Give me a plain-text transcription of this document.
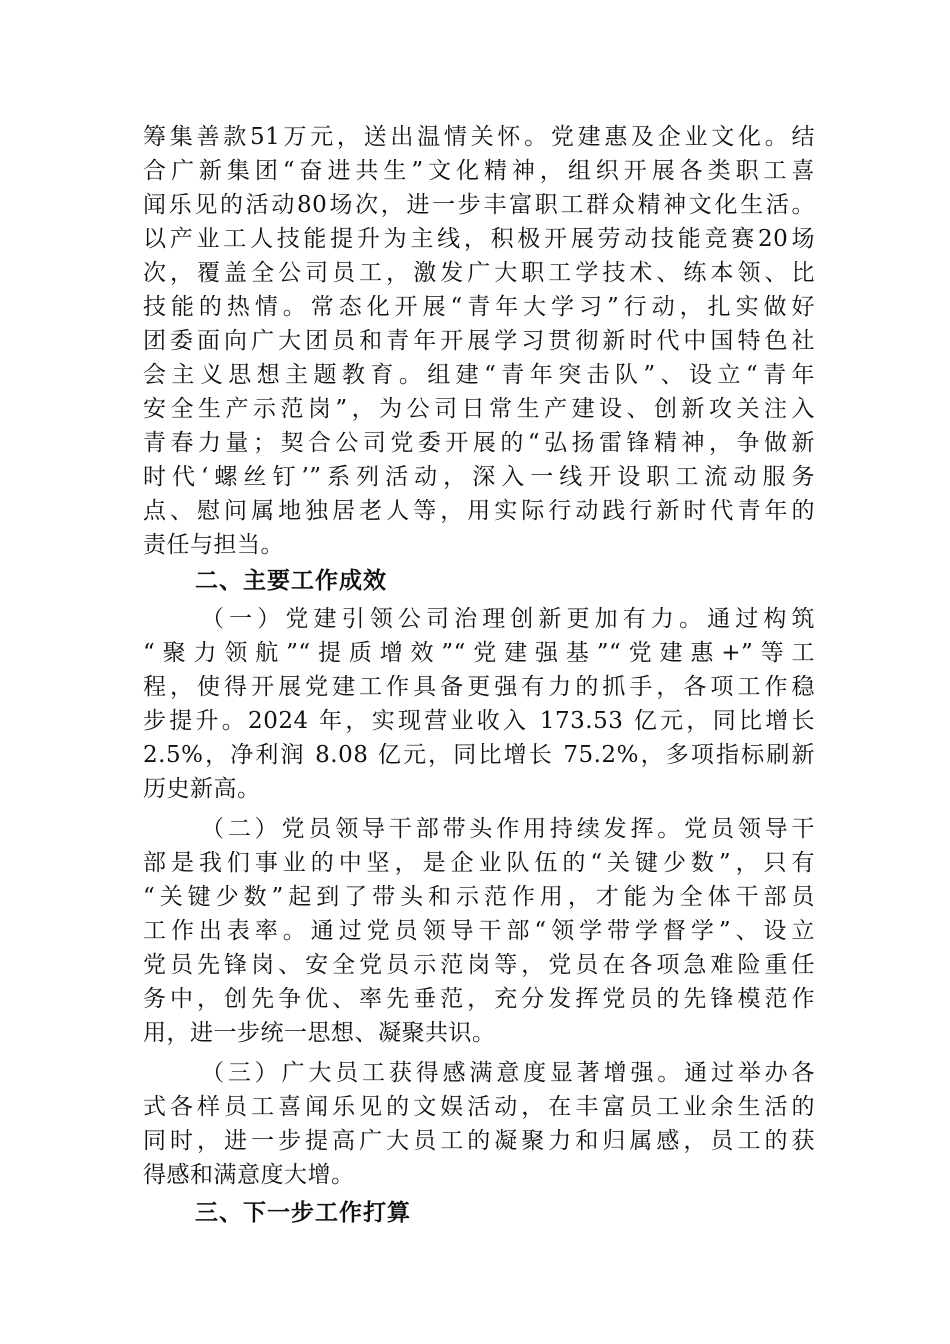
筹集善款51万元，送出温情关怀。党建惠及企业文化。结
合广新集团“奋进共生”文化精神，组织开展各类职工喜
闻乐见的活动80场次，进一步丰富职工群众精神文化生活。
以产业工人技能提升为主线，积极开展劳动技能竞赛20场
次，覆盖全公司员工，激发广大职工学技术、练本领、比
技能的热情。常态化开展“青年大学习”行动，扎实做好
团委面向广大团员和青年开展学习贯彻新时代中国特色社
会主义思想主题教育。组建“青年突击队”、设立“青年
安全生产示范岗”，为公司日常生产建设、创新攻关注入
青春力量；契合公司党委开展的“弘扬雷锋精神，争做新
时代‘螺丝钉’”系列活动，深入一线开设职工流动服务
点、慰问属地独居老人等，用实际行动践行新时代青年的
责任与担当。
二、主要工作成效
（一）党建引领公司治理创新更加有力。通过构筑
“聚力领航”“提质增效”“党建强基”“党建惠+”等工
程，使得开展党建工作具备更强有力的抓手，各项工作稳
步提升。2024 年，实现营业收入 173.53 亿元，同比增长
2.5%，净利润 8.08 亿元，同比增长 75.2%，多项指标刷新
历史新高。
（二）党员领导干部带头作用持续发挥。党员领导干
部是我们事业的中坚，是企业队伍的“关键少数”，只有
“关键少数”起到了带头和示范作用，才能为全体干部员
工作出表率。通过党员领导干部“领学带学督学”、设立
党员先锋岗、安全党员示范岗等，党员在各项急难险重任
务中，创先争优、率先垂范，充分发挥党员的先锋模范作
用，进一步统一思想、凝聚共识。
（三）广大员工获得感满意度显著增强。通过举办各
式各样员工喜闻乐见的文娱活动，在丰富员工业余生活的
同时，进一步提高广大员工的凝聚力和归属感，员工的获
得感和满意度大增。
三、下一步工作打算
